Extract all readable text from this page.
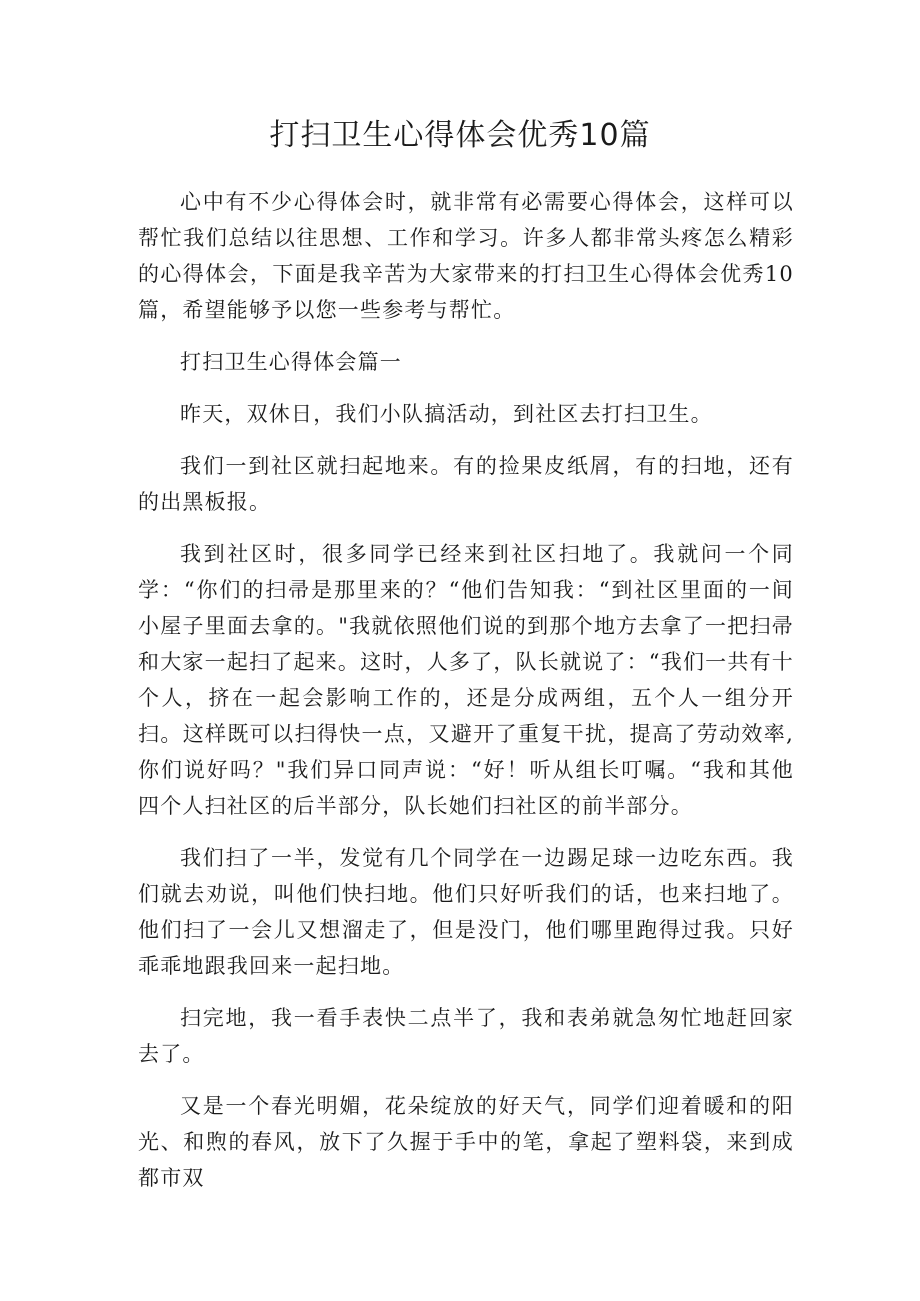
打扫卫生心得体会优秀10篇

心中有不少心得体会时，就非常有必需要心得体会，这样可以帮忙我们总结以往思想、工作和学习。许多人都非常头疼怎么精彩的心得体会，下面是我辛苦为大家带来的打扫卫生心得体会优秀10篇，希望能够予以您一些参考与帮忙。

打扫卫生心得体会篇一

昨天，双休日，我们小队搞活动，到社区去打扫卫生。

我们一到社区就扫起地来。有的捡果皮纸屑，有的扫地，还有的出黑板报。

我到社区时，很多同学已经来到社区扫地了。我就问一个同学：“你们的扫帚是那里来的？“他们告知我：“到社区里面的一间小屋子里面去拿的。"我就依照他们说的到那个地方去拿了一把扫帚和大家一起扫了起来。这时，人多了，队长就说了：“我们一共有十个人，挤在一起会影响工作的，还是分成两组，五个人一组分开扫。这样既可以扫得快一点，又避开了重复干扰，提高了劳动效率,你们说好吗？"我们异口同声说：“好！听从组长叮嘱。“我和其他四个人扫社区的后半部分，队长她们扫社区的前半部分。

我们扫了一半，发觉有几个同学在一边踢足球一边吃东西。我们就去劝说，叫他们快扫地。他们只好听我们的话，也来扫地了。他们扫了一会儿又想溜走了，但是没门，他们哪里跑得过我。只好乖乖地跟我回来一起扫地。

扫完地，我一看手表快二点半了，我和表弟就急匆忙地赶回家去了。

又是一个春光明媚，花朵绽放的好天气，同学们迎着暖和的阳光、和煦的春风，放下了久握于手中的笔，拿起了塑料袋，来到成都市双
